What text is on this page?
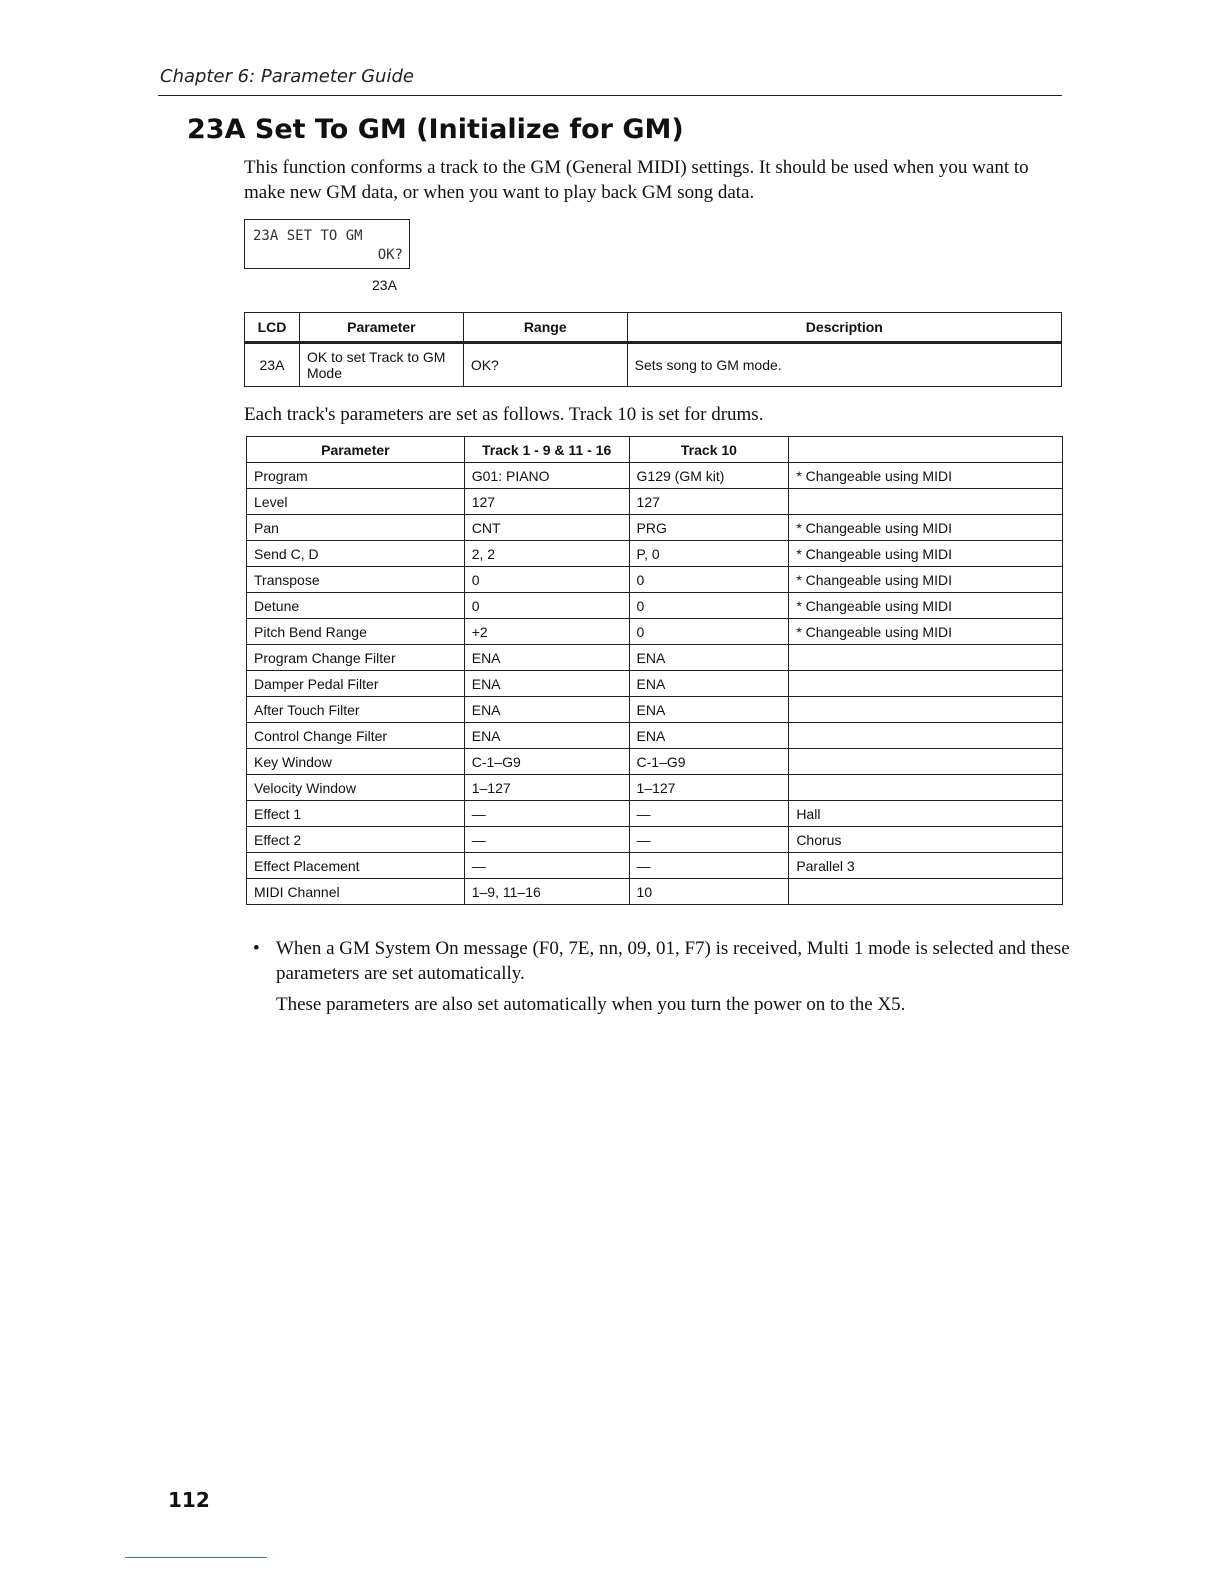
Chapter 6: Parameter Guide
23A Set To GM (Initialize for GM)

This function conforms a track to the GM (General MIDI) settings. It should be used when you want to make new GM data, or when you want to play back GM song data.

23A SET TO GM
OK?
23A
LCD	Parameter	Range	Description
23A	OK to set Track to GM Mode	OK?	Sets song to GM mode.

Each track's parameters are set as follows. Track 10 is set for drums.

Parameter	Track 1 - 9 & 11 - 16	Track 10	
Program	G01: PIANO	G129 (GM kit)	* Changeable using MIDI
Level	127	127	
Pan	CNT	PRG	* Changeable using MIDI
Send C, D	2, 2	P, 0	* Changeable using MIDI
Transpose	0	0	* Changeable using MIDI
Detune	0	0	* Changeable using MIDI
Pitch Bend Range	+2	0	* Changeable using MIDI
Program Change Filter	ENA	ENA	
Damper Pedal Filter	ENA	ENA	
After Touch Filter	ENA	ENA	
Control Change Filter	ENA	ENA	
Key Window	C-1–G9	C-1–G9	
Velocity Window	1–127	1–127	
Effect 1	—	—	Hall
Effect 2	—	—	Chorus
Effect Placement	—	—	Parallel 3
MIDI Channel	1–9, 11–16	10	

• When a GM System On message (F0, 7E, nn, 09, 01, F7) is received, Multi 1 mode is selected and these parameters are set automatically.

These parameters are also set automatically when you turn the power on to the X5.

112
